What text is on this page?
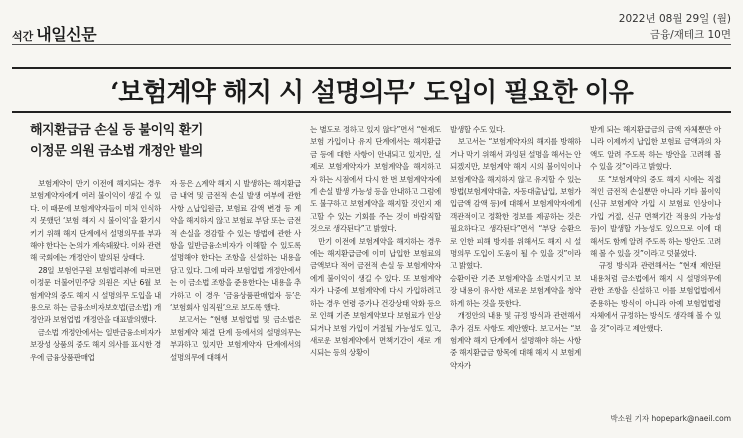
석간 내일신문
2022년 08월 29일 (월)
금융/재테크 10면
‘보험계약 해지 시 설명의무’ 도입이 필요한 이유
해지환급금 손실 등 불이익 환기
이정문 의원 금소법 개정안 발의
　보험계약이 만기 이전에 해지되는 경우 보험계약자에게 여러 불이익이 생길 수 있다. 이 때문에 보험계약자들이 미처 인식하지 못했던 ‘보험 해지 시 불이익’을 환기시키기 위해 해지 단계에서 설명의무를 부과해야 한다는 논의가 계속돼왔다. 이와 관련해 국회에는 개정안이 발의된 상태다.
　28일 보험연구원 보험법리뷰에 따르면 이정문 더불어민주당 의원은 지난 6월 보험계약의 중도 해지 시 설명의무 도입을 내용으로 하는 금융소비자보호법(금소법) 개정안과 보험업법 개정안을 대표발의했다.
　금소법 개정안에서는 일반금융소비자가 보장성 상품의 중도 해지 의사를 표시한 경우에 금융상품판매업
자 등은 △계약 해지 시 발생하는 해지환급금 내역 및 금전적 손실 발생 여부에 관한 사항 △납입원금, 보험료 감액 변경 등 계약을 해지하지 않고 보험료 부담 또는 금전적 손실을 경감할 수 있는 방법에 관한 사항을 일반금융소비자가 이해할 수 있도록 설명해야 한다는 조항을 신설하는 내용을 담고 있다. 그에 따라 보험업법 개정안에서는 이 금소법 조항을 준용한다는 내용을 추가하고 이 경우 ‘금융상품판매업자 등’은 ‘보험회사 임직원’으로 보도록 했다.
　보고서는 “현행 보험업법 및 금소법은 보험계약 체결 단계 등에서의 설명의무는 부과하고 있지만 보험계약자 단계에서의 설명의무에 대해서
는 별도로 정하고 있지 않다”면서 “현재도 보험 가입이나 유지 단계에서는 해지환급금 등에 대한 사항이 안내되고 있지만, 실제로 보험계약자가 보험계약을 해지하고자 하는 시점에서 다시 한 번 보험계약자에게 손실 발생 가능성 등을 안내하고 그럼에도 불구하고 보험계약을 해지할 것인지 재고할 수 있는 기회를 주는 것이 바람직할 것으로 생각된다”고 밝혔다.
　만기 이전에 보험계약을 해지하는 경우에는 해지환급금에 이미 납입한 보험료의 금액보다 적어 금전적 손실 등 보험계약자에게 불이익이 생길 수 있다. 또 보험계약자가 나중에 보험계약에 다시 가입하려고 하는 경우 연령 증가나 건강상태 악화 등으로 인해 기존 보험계약보다 보험료가 인상되거나 보험 가입이 거절될 가능성도 있고, 새로운 보험계약에서 면책기간이 새로 개시되는 등의 상황이
발생할 수도 있다.
　보고서는 “보험계약자의 해지를 방해하거나 막기 위해서 과잉된 설명을 해서는 안 되겠지만, 보험계약 해지 시의 불이익이나 보험계약을 해지하지 않고 유지할 수 있는 방법(보험계약대출, 자동대출납입, 보험가입금액 감액 등)에 대해서 보험계약자에게 객관적이고 정확한 정보를 제공하는 것은 필요하다고 생각된다”면서 “부당 승환으로 인한 피해 방지를 위해서도 해지 시 설명의무 도입이 도움이 될 수 있을 것”이라고 밝혔다.
승환이란 기존 보험계약을 소멸시키고 보장 내용이 유사한 새로운 보험계약을 청약하게 하는 것을 뜻한다.
　개정안의 내용 및 규정 방식과 관련해서 추가 검토 사항도 제안했다. 보고서는 “보험계약 해지 단계에서 설명해야 하는 사항 중 해지환급금 항목에 대해 해지 시 보험계약자가
받게 되는 해지환급금의 금액 자체뿐만 아니라 이제까지 납입한 보험료 금액과의 차액도 알려 주도록 하는 방안을 고려해 볼 수 있을 것”이라고 밝혔다.
　또 “보험계약의 중도 해지 시에는 직접적인 금전적 손실뿐만 아니라 기타 불이익(신규 보험계약 가입 시 보험료 인상이나 가입 거절, 신규 면책기간 적용의 가능성 등)이 발생할 가능성도 있으므로 이에 대해서도 함께 알려 주도록 하는 방안도 고려해 볼 수 있을 것”이라고 덧붙였다.
　규정 방식과 관련해서는 “현재 제안된 내용처럼 금소법에서 해지 시 설명의무에 관한 조항을 신설하고 이를 보험업법에서 준용하는 방식이 아니라 아예 보험업법령 자체에서 규정하는 방식도 생각해 볼 수 있을 것”이라고 제안했다.
박소원 기자 hopepark@naeil.com
